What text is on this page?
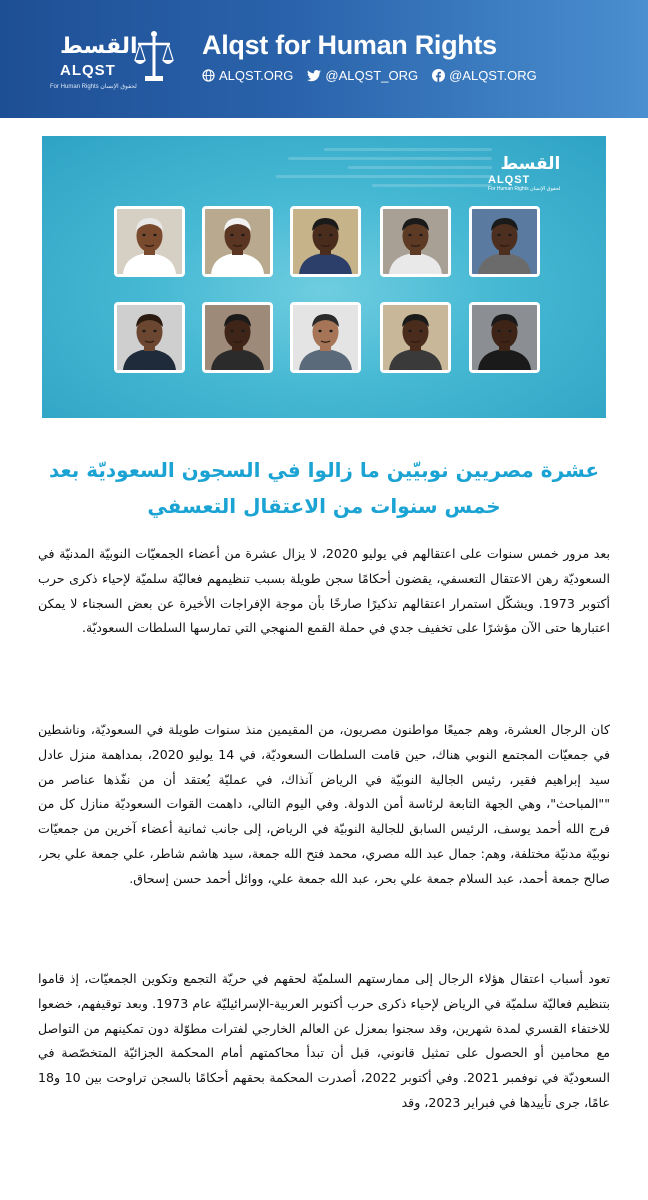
القسط
ALQST
For Human Rights لحقوق الإنسان
Alqst for Human Rights
ALQST.ORG @ALQST_ORG @ALQST.ORG
القسط
ALQST
For Human Rights لحقوق الإنسان
عشرة مصريين نوبيّين ما زالوا في السجون السعوديّة بعد خمس سنوات من الاعتقال التعسفي
بعد مرور خمس سنوات على اعتقالهم في يوليو 2020، لا يزال عشرة من أعضاء الجمعيّات النوبيّة المدنيّة في السعوديّة رهن الاعتقال التعسفي، يقضون أحكامًا سجن طويلة بسبب تنظيمهم فعاليّة سلميّة لإحياء ذكرى حرب أكتوبر 1973. ويشكّل استمرار اعتقالهم تذكيرًا صارخًا بأن موجة الإفراجات الأخيرة عن بعض السجناء لا يمكن اعتبارها حتى الآن مؤشرًا على تخفيف جدي في حملة القمع المنهجي التي تمارسها السلطات السعوديّة.
كان الرجال العشرة، وهم جميعًا مواطنون مصريون، من المقيمين منذ سنوات طويلة في السعوديّة، وناشطين في جمعيّات المجتمع النوبي هناك، حين قامت السلطات السعوديّة، في 14 يوليو 2020، بمداهمة منزل عادل سيد إبراهيم فقير، رئيس الجالية النوبيّة في الرياض آنذاك، في عمليّة يُعتقد أن من نفّذها عناصر من ""المباحث"، وهي الجهة التابعة لرئاسة أمن الدولة. وفي اليوم التالي، داهمت القوات السعوديّة منازل كل من فرج الله أحمد يوسف، الرئيس السابق للجالية النوبيّة في الرياض، إلى جانب ثمانية أعضاء آخرين من جمعيّات نوبيّة مدنيّة مختلفة، وهم: جمال عبد الله مصري، محمد فتح الله جمعة، سيد هاشم شاطر، علي جمعة علي بحر، صالح جمعة أحمد، عبد السلام جمعة علي بحر، عبد الله جمعة علي، ووائل أحمد حسن إسحاق.
تعود أسباب اعتقال هؤلاء الرجال إلى ممارستهم السلميّة لحقهم في حريّة التجمع وتكوين الجمعيّات، إذ قاموا بتنظيم فعاليّة سلميّة في الرياض لإحياء ذكرى حرب أكتوبر العربية-الإسرائيليّة عام 1973. وبعد توقيفهم، خضعوا للاختفاء القسري لمدة شهرين، وقد سجنوا بمعزل عن العالم الخارجي لفترات مطوّلة دون تمكينهم من التواصل مع محامين أو الحصول على تمثيل قانوني، قبل أن تبدأ محاكمتهم أمام المحكمة الجزائيّة المتخصّصة في السعوديّة في نوفمبر 2021. وفي أكتوبر 2022، أصدرت المحكمة بحقهم أحكامًا بالسجن تراوحت بين 10 و18 عامًا، جرى تأييدها في فبراير 2023، وقد
